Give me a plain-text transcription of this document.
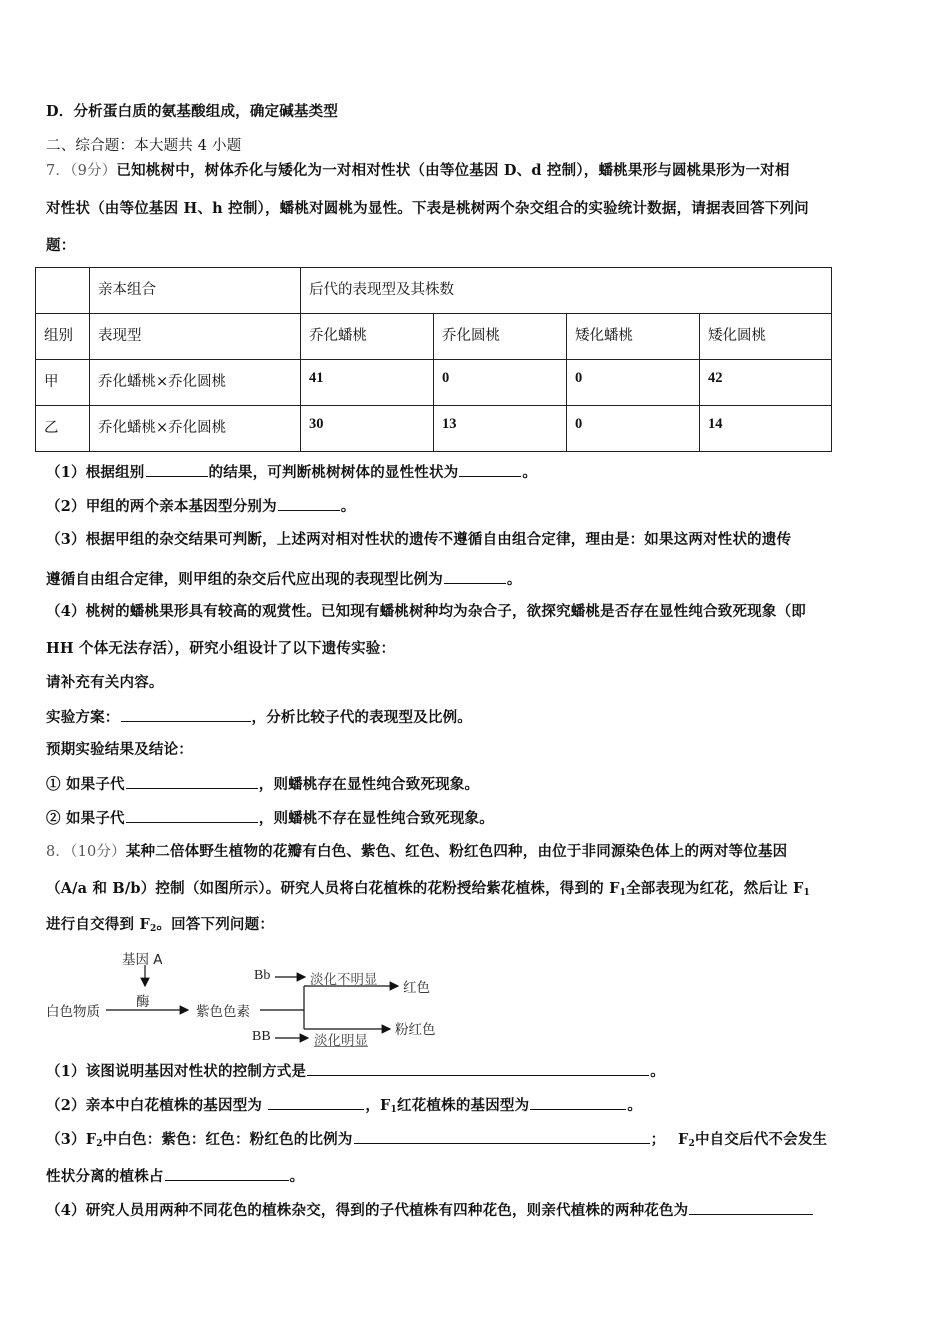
D．分析蛋白质的氨基酸组成，确定碱基类型
二、综合题：本大题共 4 小题
7．（9分）已知桃树中，树体乔化与矮化为一对相对性状（由等位基因 D、d 控制），蟠桃果形与圆桃果形为一对相
对性状（由等位基因 H、h 控制），蟠桃对圆桃为显性。下表是桃树两个杂交组合的实验统计数据，请据表回答下列问
题：
	亲本组合	后代的表现型及其株数			
组别	表现型	乔化蟠桃	乔化圆桃	矮化蟠桃	矮化圆桃
甲	乔化蟠桃×乔化圆桃	41	0	0	42
乙	乔化蟠桃×乔化圆桃	30	13	0	14
（1）根据组别	的结果，可判断桃树树体的显性性状为	。
（2）甲组的两个亲本基因型分别为	。
（3）根据甲组的杂交结果可判断，上述两对相对性状的遗传不遵循自由组合定律，理由是：如果这两对性状的遗传
遵循自由组合定律，则甲组的杂交后代应出现的表现型比例为	。
（4）桃树的蟠桃果形具有较高的观赏性。已知现有蟠桃树种均为杂合子，欲探究蟠桃是否存在显性纯合致死现象（即
HH 个体无法存活），研究小组设计了以下遗传实验：
请补充有关内容。
实验方案：	，分析比较子代的表现型及比例。
预期实验结果及结论：
① 如果子代	，则蟠桃存在显性纯合致死现象。
② 如果子代	，则蟠桃不存在显性纯合致死现象。
8．（10分）某种二倍体野生植物的花瓣有白色、紫色、红色、粉红色四种，由位于非同源染色体上的两对等位基因
（A/a 和 B/b）控制（如图所示）。研究人员将白花植株的花粉授给紫花植株，得到的 $F_1$全部表现为红花，然后让 $F_1$
进行自交得到 $F_2$。回答下列问题：
基因 A
酶
白色物质	紫色色素
Bb	淡化不明显 红色
BB	淡化明显
粉红色
（1）该图说明基因对性状的控制方式是	。
（2）亲本中白花植株的基因型为	，$F_1$红花植株的基因型为	。
$(3)F_2$中白色：紫色：红色：粉红色的比例为	；　 $F_2$中自交后代不会发生
性状分离的植株占	。
（4）研究人员用两种不同花色的植株杂交，得到的子代植株有四种花色，则亲代植株的两种花色为
